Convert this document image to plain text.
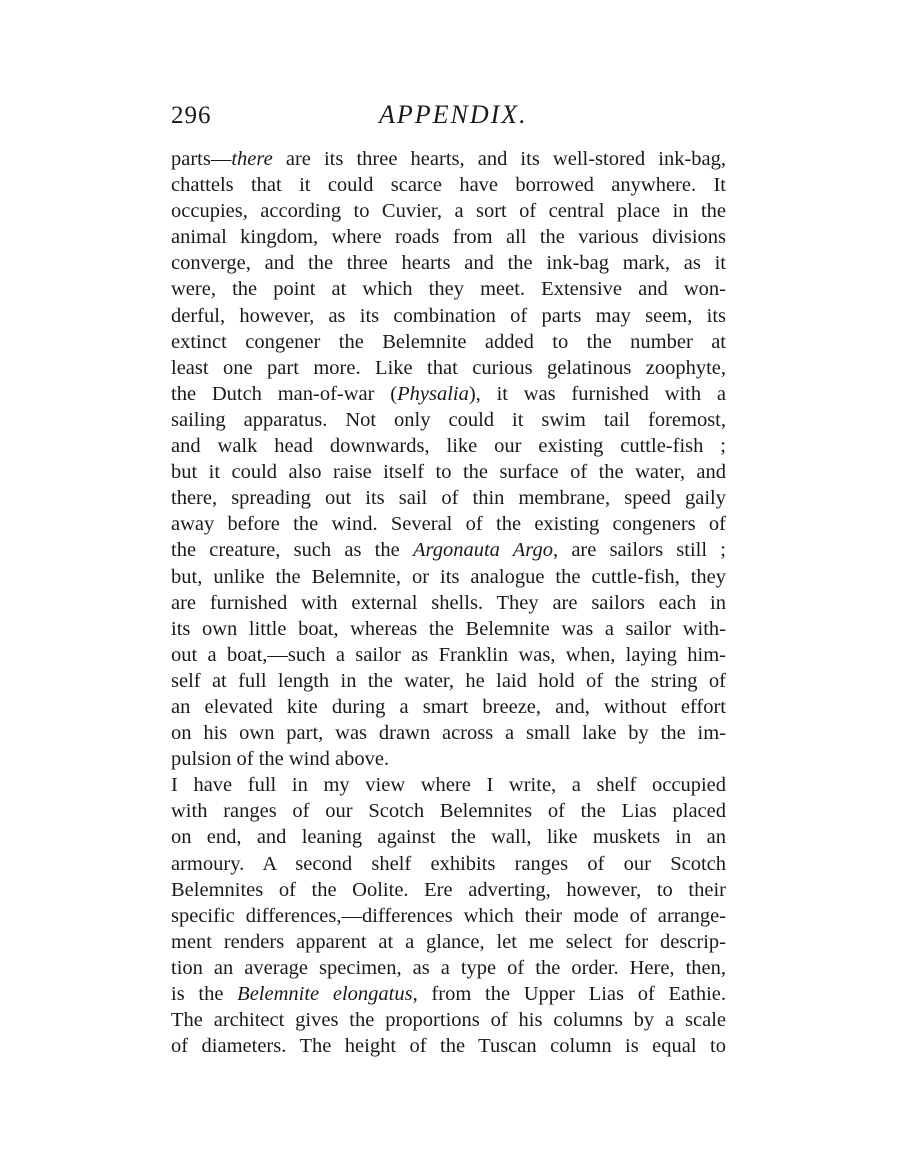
296	APPENDIX.
parts—there are its three hearts, and its well-stored ink-bag,
chattels that it could scarce have borrowed anywhere. It
occupies, according to Cuvier, a sort of central place in the
animal kingdom, where roads from all the various divisions
converge, and the three hearts and the ink-bag mark, as it
were, the point at which they meet. Extensive and won-
derful, however, as its combination of parts may seem, its
extinct congener the Belemnite added to the number at
least one part more. Like that curious gelatinous zoophyte,
the Dutch man-of-war (Physalia), it was furnished with a
sailing apparatus. Not only could it swim tail foremost,
and walk head downwards, like our existing cuttle-fish ;
but it could also raise itself to the surface of the water, and
there, spreading out its sail of thin membrane, speed gaily
away before the wind. Several of the existing congeners of
the creature, such as the Argonauta Argo, are sailors still ;
but, unlike the Belemnite, or its analogue the cuttle-fish, they
are furnished with external shells. They are sailors each in
its own little boat, whereas the Belemnite was a sailor with-
out a boat,—such a sailor as Franklin was, when, laying him-
self at full length in the water, he laid hold of the string of
an elevated kite during a smart breeze, and, without effort
on his own part, was drawn across a small lake by the im-
pulsion of the wind above.
I have full in my view where I write, a shelf occupied
with ranges of our Scotch Belemnites of the Lias placed
on end, and leaning against the wall, like muskets in an
armoury. A second shelf exhibits ranges of our Scotch
Belemnites of the Oolite. Ere adverting, however, to their
specific differences,—differences which their mode of arrange-
ment renders apparent at a glance, let me select for descrip-
tion an average specimen, as a type of the order. Here, then,
is the Belemnite elongatus, from the Upper Lias of Eathie.
The architect gives the proportions of his columns by a scale
of diameters. The height of the Tuscan column is equal to
